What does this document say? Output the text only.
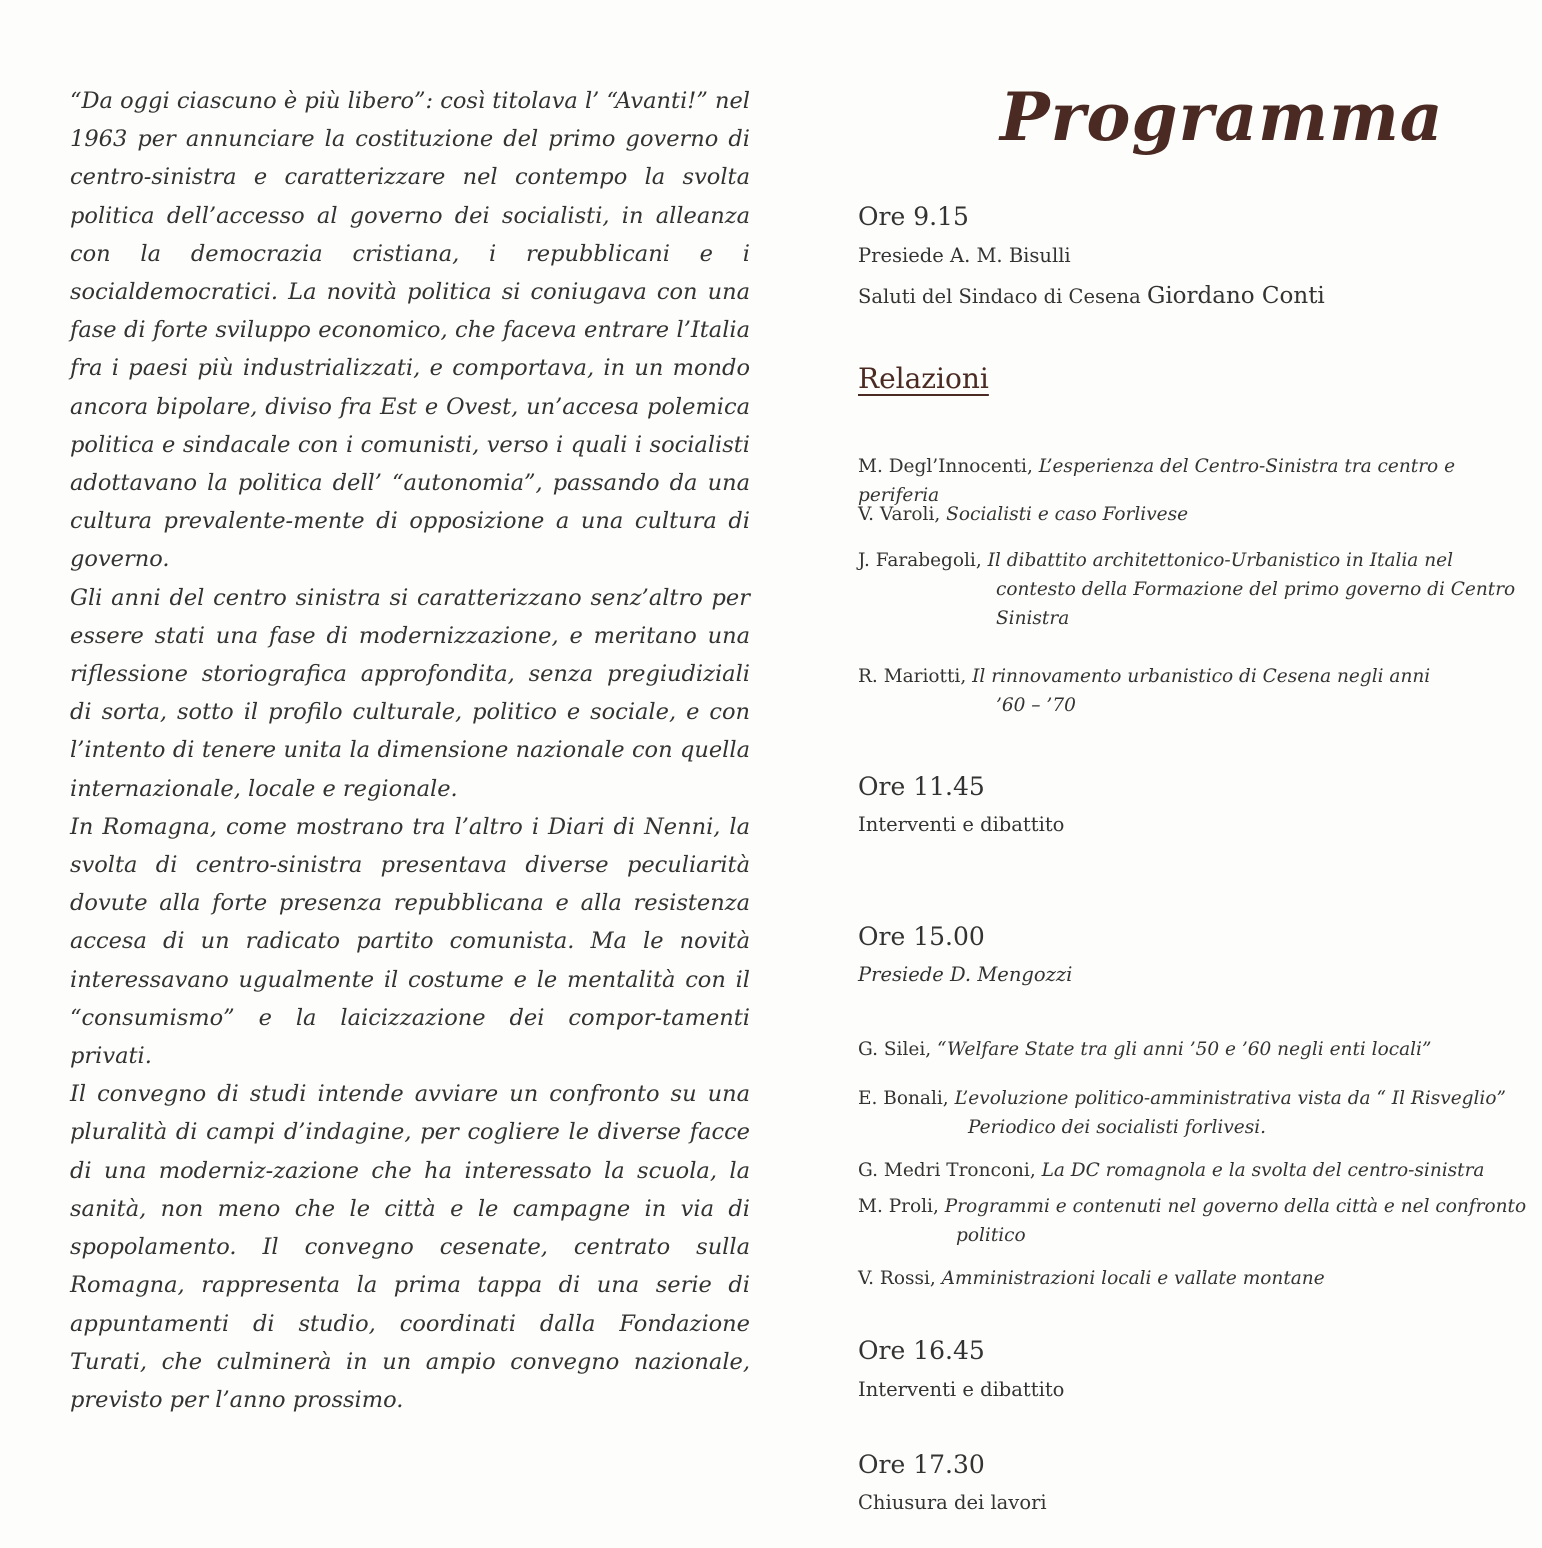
“Da oggi ciascuno è più libero”: così titolava l’ “Avanti!” nel 1963 per annunciare la costituzione del primo governo di centro-sinistra e caratterizzare nel contempo la svolta politica dell’accesso al governo dei socialisti, in alleanza con la democrazia cristiana, i repubblicani e i socialdemocratici. La novità politica si coniugava con una fase di forte sviluppo economico, che faceva entrare l’Italia fra i paesi più industrializzati, e comportava, in un mondo ancora bipolare, diviso fra Est e Ovest, un’accesa polemica politica e sindacale con i comunisti, verso i quali i socialisti adottavano la politica dell’ “autonomia”, passando da una cultura prevalente-mente di opposizione a una cultura di governo.

Gli anni del centro sinistra si caratterizzano senz’altro per essere stati una fase di modernizzazione, e meritano una riflessione storiografica approfondita, senza pregiudiziali di sorta, sotto il profilo culturale, politico e sociale, e con l’intento di tenere unita la dimensione nazionale con quella internazionale, locale e regionale.

In Romagna, come mostrano tra l’altro i Diari di Nenni, la svolta di centro-sinistra presentava diverse peculiarità dovute alla forte presenza repubblicana e alla resistenza accesa di un radicato partito comunista. Ma le novità interessavano ugualmente il costume e le mentalità con il “consumismo” e la laicizzazione dei compor-tamenti privati.

Il convegno di studi intende avviare un confronto su una pluralità di campi d’indagine, per cogliere le diverse facce di una moderniz-zazione che ha interessato la scuola, la sanità, non meno che le città e le campagne in via di spopolamento. Il convegno cesenate, centrato sulla Romagna, rappresenta la prima tappa di una serie di appuntamenti di studio, coordinati dalla Fondazione Turati, che culminerà in un ampio convegno nazionale, previsto per l’anno prossimo.

Programma
Ore 9.15
Presiede A. M. Bisulli
Saluti del Sindaco di Cesena Giordano Conti
Relazioni
M. Degl’Innocenti, L’esperienza del Centro-Sinistra tra centro e periferia
V. Varoli, Socialisti e caso Forlivese
J. Farabegoli, Il dibattito architettonico-Urbanistico in Italia nel
contesto della Formazione del primo governo di Centro Sinistra
R. Mariotti, Il rinnovamento urbanistico di Cesena negli anni
’60 – ’70
Ore 11.45
Interventi e dibattito
Ore 15.00
Presiede D. Mengozzi
G. Silei, “Welfare State tra gli anni ’50 e ’60 negli enti locali”
E. Bonali, L’evoluzione politico-amministrativa vista da “ Il Risveglio”
Periodico dei socialisti forlivesi.
G. Medri Tronconi, La DC romagnola e la svolta del centro-sinistra
M. Proli, Programmi e contenuti nel governo della città e nel confronto
politico
V. Rossi, Amministrazioni locali e vallate montane
Ore 16.45
Interventi e dibattito
Ore 17.30
Chiusura dei lavori
